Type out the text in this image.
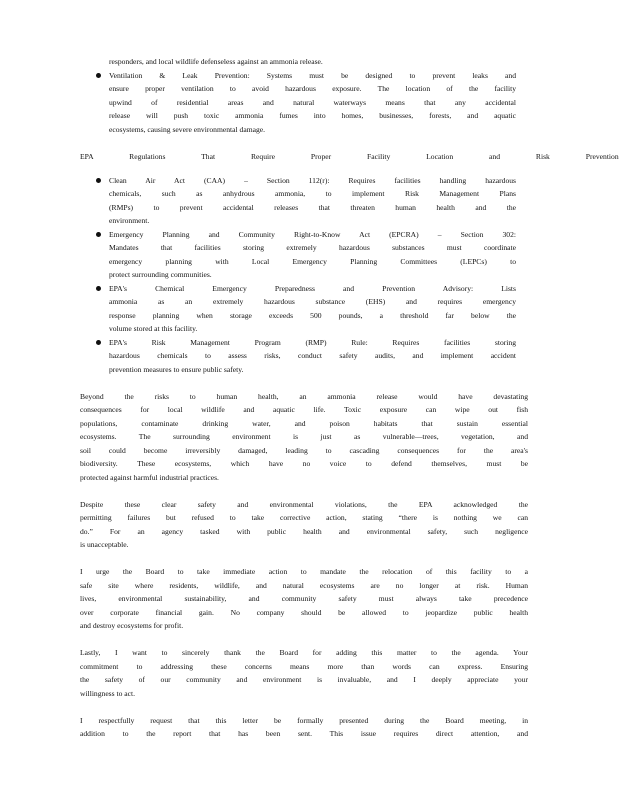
responders, and local wildlife defenseless against an ammonia release.
Ventilation & Leak Prevention: Systems must be designed to prevent leaks and
ensure proper ventilation to avoid hazardous exposure. The location of the facility
upwind of residential areas and natural waterways means that any accidental
release will push toxic ammonia fumes into homes, businesses, forests, and aquatic
ecosystems, causing severe environmental damage.
EPA Regulations That Require Proper Facility Location and Risk Prevention
Clean Air Act (CAA) – Section 112(r): Requires facilities handling hazardous
chemicals, such as anhydrous ammonia, to implement Risk Management Plans
(RMPs) to prevent accidental releases that threaten human health and the
environment.
Emergency Planning and Community Right-to-Know Act (EPCRA) – Section 302:
Mandates that facilities storing extremely hazardous substances must coordinate
emergency planning with Local Emergency Planning Committees (LEPCs) to
protect surrounding communities.
EPA's Chemical Emergency Preparedness and Prevention Advisory: Lists
ammonia as an extremely hazardous substance (EHS) and requires emergency
response planning when storage exceeds 500 pounds, a threshold far below the
volume stored at this facility.
EPA's Risk Management Program (RMP) Rule: Requires facilities storing
hazardous chemicals to assess risks, conduct safety audits, and implement accident
prevention measures to ensure public safety.
Beyond the risks to human health, an ammonia release would have devastating
consequences for local wildlife and aquatic life. Toxic exposure can wipe out fish
populations, contaminate drinking water, and poison habitats that sustain essential
ecosystems. The surrounding environment is just as vulnerable—trees, vegetation, and
soil could become irreversibly damaged, leading to cascading consequences for the area's
biodiversity. These ecosystems, which have no voice to defend themselves, must be
protected against harmful industrial practices.
Despite these clear safety and environmental violations, the EPA acknowledged the
permitting failures but refused to take corrective action, stating “there is nothing we can
do.” For an agency tasked with public health and environmental safety, such negligence
is unacceptable.
I urge the Board to take immediate action to mandate the relocation of this facility to a
safe site where residents, wildlife, and natural ecosystems are no longer at risk. Human
lives, environmental sustainability, and community safety must always take precedence
over corporate financial gain. No company should be allowed to jeopardize public health
and destroy ecosystems for profit.
Lastly, I want to sincerely thank the Board for adding this matter to the agenda. Your
commitment to addressing these concerns means more than words can express. Ensuring
the safety of our community and environment is invaluable, and I deeply appreciate your
willingness to act.
I respectfully request that this letter be formally presented during the Board meeting, in
addition to the report that has been sent. This issue requires direct attention, and
